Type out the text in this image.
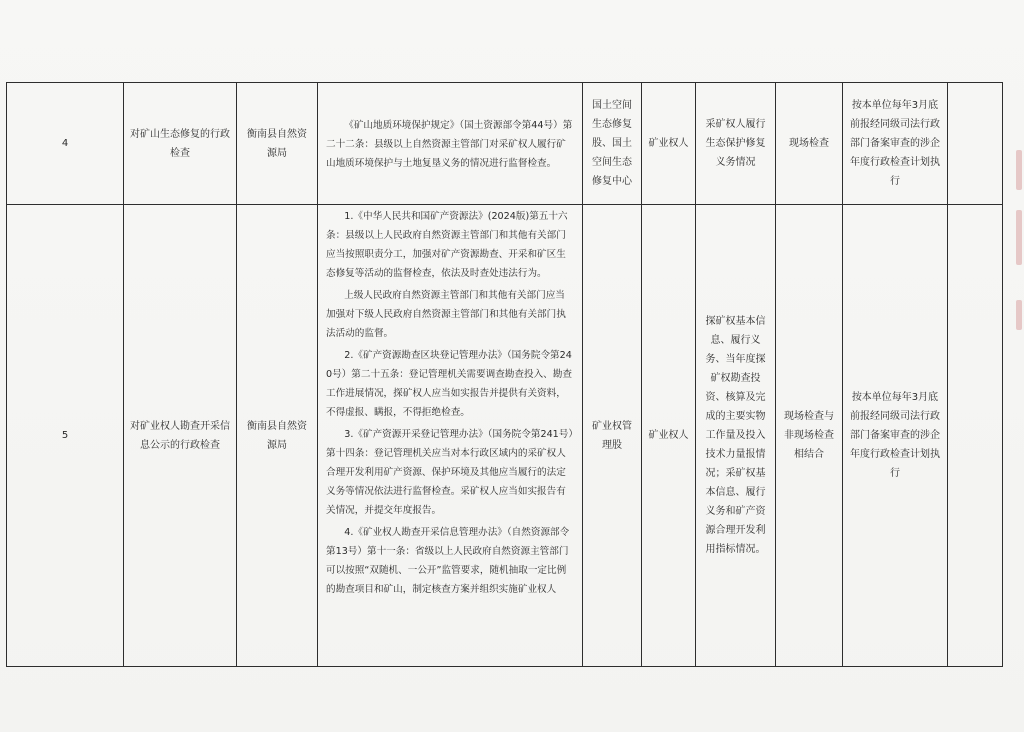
4	对矿山生态修复的行政检查	衡南县自然资源局	《矿山地质环境保护规定》（国土资源部令第44号）第二十二条：县级以上自然资源主管部门对采矿权人履行矿山地质环境保护与土地复垦义务的情况进行监督检查。	国土空间生态修复股、国土空间生态修复中心	矿业权人	采矿权人履行生态保护修复义务情况	现场检查	按本单位每年3月底前报经同级司法行政部门备案审查的涉企年度行政检查计划执行	
5	对矿业权人勘查开采信息公示的行政检查	衡南县自然资源局	1.《中华人民共和国矿产资源法》(2024版)第五十六条：县级以上人民政府自然资源主管部门和其他有关部门应当按照职责分工，加强对矿产资源勘查、开采和矿区生态修复等活动的监督检查，依法及时查处违法行为。

上级人民政府自然资源主管部门和其他有关部门应当加强对下级人民政府自然资源主管部门和其他有关部门执法活动的监督。

2.《矿产资源勘查区块登记管理办法》（国务院令第240号）第二十五条：登记管理机关需要调查勘查投入、勘查工作进展情况，探矿权人应当如实报告并提供有关资料，不得虚报、瞒报，不得拒绝检查。

3.《矿产资源开采登记管理办法》（国务院令第241号）第十四条：登记管理机关应当对本行政区域内的采矿权人合理开发利用矿产资源、保护环境及其他应当履行的法定义务等情况依法进行监督检查。采矿权人应当如实报告有关情况，并提交年度报告。

4.《矿业权人勘查开采信息管理办法》（自然资源部令第13号）第十一条：省级以上人民政府自然资源主管部门可以按照“双随机、一公开”监管要求，随机抽取一定比例的勘查项目和矿山，制定核查方案并组织实施矿业权人	矿业权管理股	矿业权人	探矿权基本信息、履行义务、当年度探矿权勘查投资、核算及完成的主要实物工作量及投入技术力量报情况；采矿权基本信息、履行义务和矿产资源合理开发利用指标情况。	现场检查与非现场检查相结合	按本单位每年3月底前报经同级司法行政部门备案审查的涉企年度行政检查计划执行	
